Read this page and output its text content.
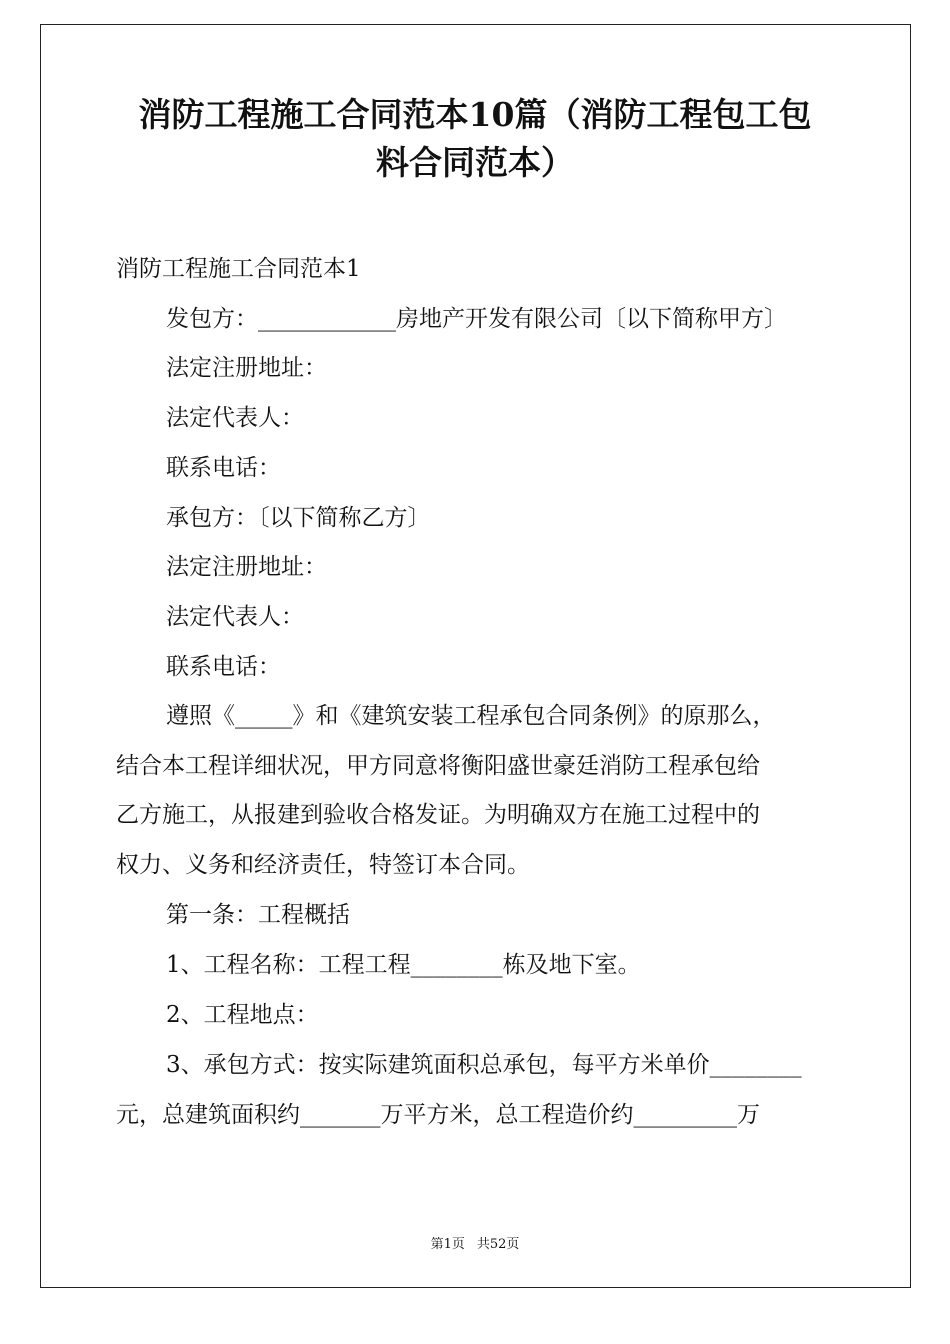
消防工程施工合同范本10篇（消防工程包工包
料合同范本）

消防工程施工合同范本1

发包方：____________房地产开发有限公司〔以下简称甲方〕

法定注册地址：

法定代表人：

联系电话：

承包方：〔以下简称乙方〕

法定注册地址：

法定代表人：

联系电话：

遵照《_____》和《建筑安装工程承包合同条例》的原那么，

结合本工程详细状况，甲方同意将衡阳盛世豪廷消防工程承包给

乙方施工，从报建到验收合格发证。为明确双方在施工过程中的

权力、义务和经济责任，特签订本合同。

第一条：工程概括

1、工程名称：工程工程________栋及地下室。

2、工程地点：

3、承包方式：按实际建筑面积总承包，每平方米单价________

元，总建筑面积约_______万平方米，总工程造价约_________万

第1页 共52页
